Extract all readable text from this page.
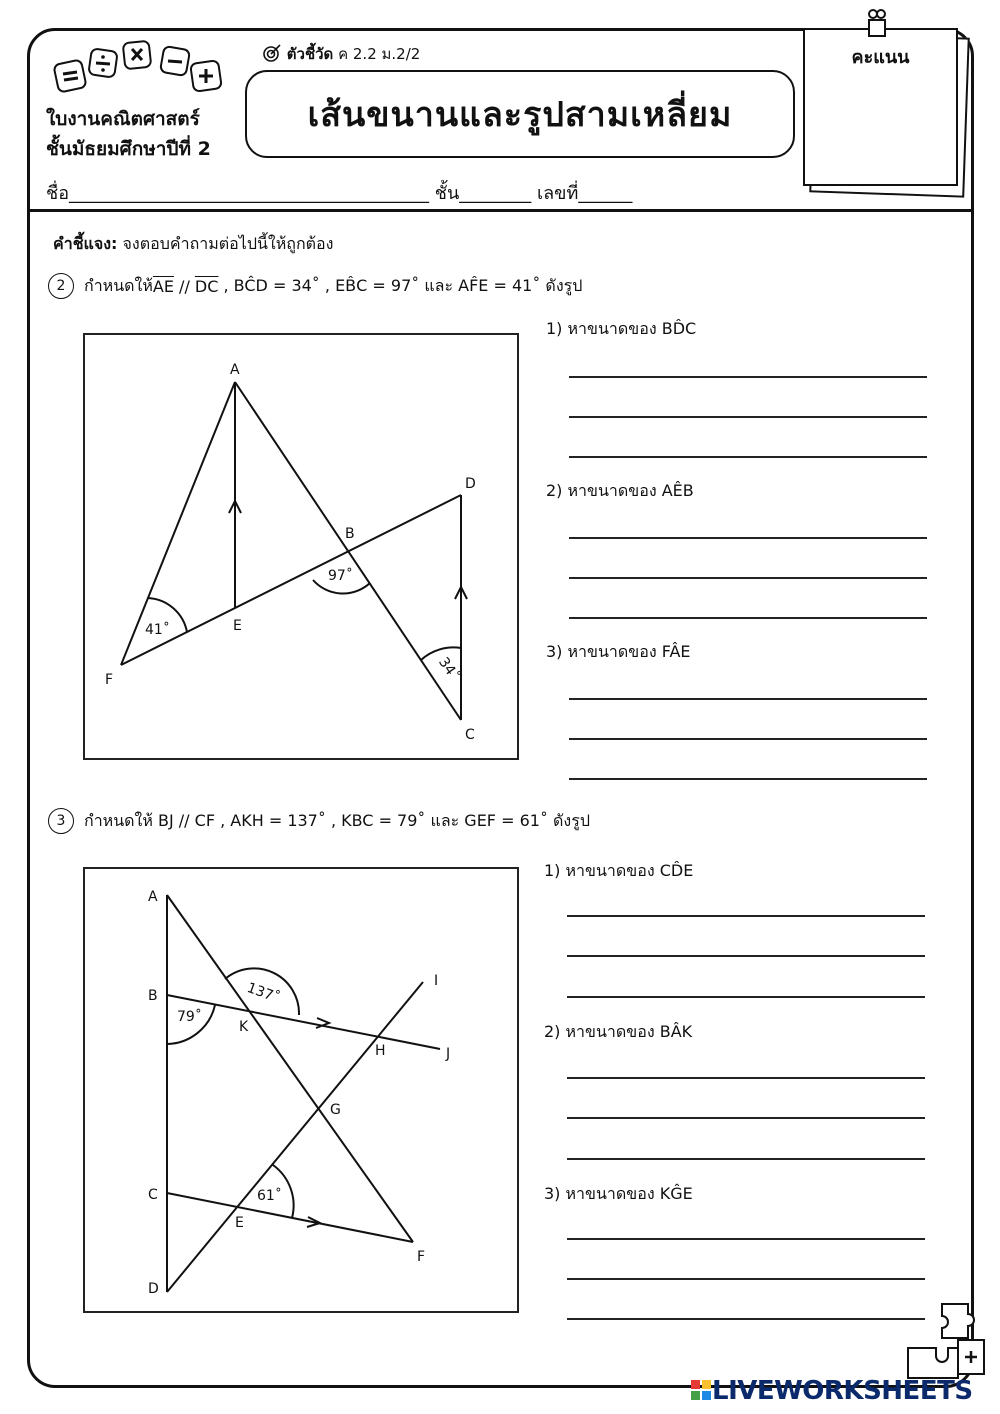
ใบงานคณิตศาสตร์
ชั้นมัธยมศึกษาปีที่ 2
ตัวชี้วัด ค 2.2 ม.2/2
เส้นขนานและรูปสามเหลี่ยม
คะแนน
ชื่อ________________________________________ ชั้น________ เลขที่______
คำชี้แจง: จงตอบคำถามต่อไปนี้ให้ถูกต้อง
2	กำหนดให้ $\overline{AE} // \overline{DC}$ , BĈD = 34˚ , EB̂C = 97˚ และ AF̂E = 41˚ ดังรูป
A
B
D
E
F
C
97˚
41˚
34˚
1) หาขนาดของ BD̂C
2) หาขนาดของ AÊB
3) หาขนาดของ FÂE
3	กำหนดให้ BJ // CF , AKH = 137˚ , KBC = 79˚ และ GEF = 61˚ ดังรูป
A
B
C
D
I
J
K
H
G
E
F
137˚
79˚
61˚
1) หาขนาดของ CD̂E
2) หาขนาดของ BÂK
3) หาขนาดของ KĜE
LIVEWORKSHEETS
